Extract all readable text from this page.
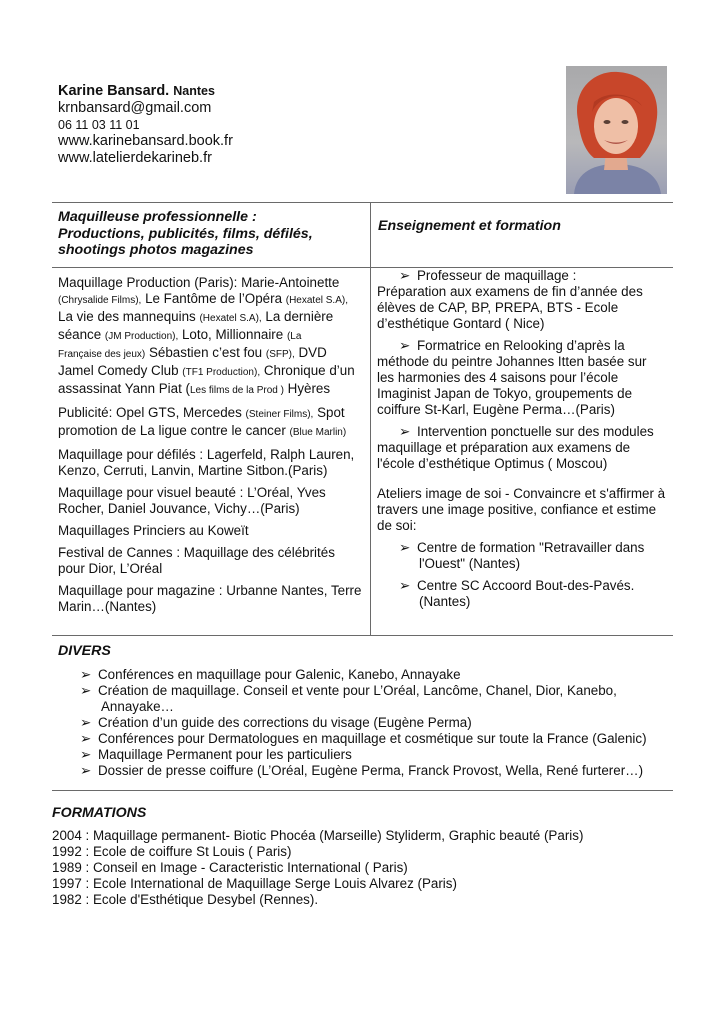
Karine Bansard. Nantes
krnbansard@gmail.com
06 11 03 11 01
www.karinebansard.book.fr
www.latelierdekarineb.fr
Maquilleuse professionnelle :
Productions, publicités, films, défilés,
shootings photos magazines
Enseignement et formation
Maquillage Production (Paris): Marie-Antoinette
(Chrysalide Films), Le Fantôme de l’Opéra (Hexatel S.A),
La vie des mannequins (Hexatel S.A), La dernière
séance (JM Production), Loto, Millionnaire (La
Française des jeux) Sébastien c’est fou (SFP), DVD
Jamel Comedy Club (TF1 Production), Chronique d’un
assassinat Yann Piat (Les films de la Prod ) Hyères
Publicité: Opel GTS, Mercedes (Steiner Films), Spot
promotion de La ligue contre le cancer (Blue Marlin)
Maquillage pour défilés : Lagerfeld, Ralph Lauren,
Kenzo, Cerruti, Lanvin, Martine Sitbon.(Paris)
Maquillage pour visuel beauté : L’Oréal, Yves
Rocher, Daniel Jouvance, Vichy…(Paris)
Maquillages Princiers au Koweït
Festival de Cannes : Maquillage des célébrités
pour Dior, L’Oréal
Maquillage pour magazine : Urbanne Nantes, Terre
Marin…(Nantes)
➢ Professeur de maquillage :
Préparation aux examens de fin d’année des
élèves de CAP, BP, PREPA, BTS - Ecole
d’esthétique Gontard ( Nice)
➢ Formatrice en Relooking d’après la
méthode du peintre Johannes Itten basée sur
les harmonies des 4 saisons pour l’école
Imaginist Japan de Tokyo, groupements de
coiffure St-Karl, Eugène Perma…(Paris)
➢ Intervention ponctuelle sur des modules
maquillage et préparation aux examens de
l'école d’esthétique Optimus ( Moscou)
Ateliers image de soi - Convaincre et s'affirmer à
travers une image positive, confiance et estime
de soi:
➢ Centre de formation "Retravailler dans
l'Ouest" (Nantes)
➢ Centre SC Accoord Bout-des-Pavés.
(Nantes)
DIVERS
➢ Conférences en maquillage pour Galenic, Kanebo, Annayake
➢ Création de maquillage. Conseil et vente pour L’Oréal, Lancôme, Chanel, Dior, Kanebo,
Annayake…
➢ Création d’un guide des corrections du visage (Eugène Perma)
➢ Conférences pour Dermatologues en maquillage et cosmétique sur toute la France (Galenic)
➢ Maquillage Permanent pour les particuliers
➢ Dossier de presse coiffure (L’Oréal, Eugène Perma, Franck Provost, Wella, René furterer…)
FORMATIONS
2004 : Maquillage permanent- Biotic Phocéa (Marseille) Styliderm, Graphic beauté (Paris)
1992 : Ecole de coiffure St Louis ( Paris)
1989 : Conseil en Image - Caracteristic International ( Paris)
1997 : Ecole International de Maquillage Serge Louis Alvarez (Paris)
1982 : Ecole d'Esthétique Desybel (Rennes).
